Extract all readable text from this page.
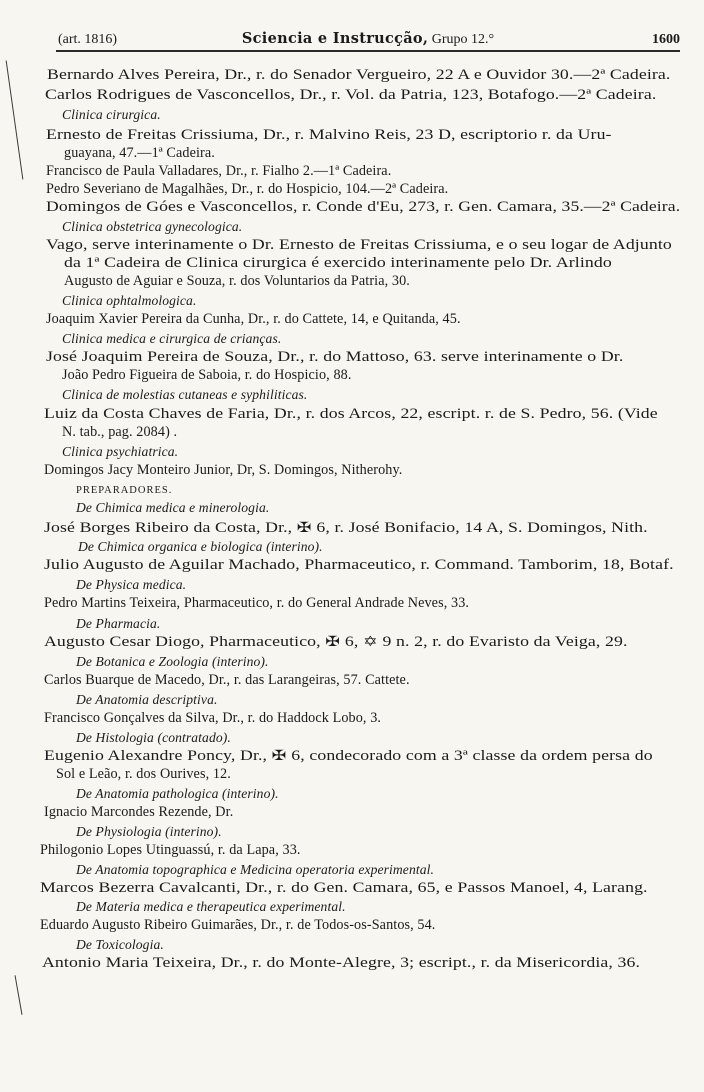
(art. 1816)	Sciencia e Instrucção, Grupo 12.°	1600
Bernardo Alves Pereira, Dr., r. do Senador Vergueiro, 22 A e Ouvidor 30.—2ª Cadeira.
Carlos Rodrigues de Vasconcellos, Dr., r. Vol. da Patria, 123, Botafogo.—2ª Cadeira.
Clinica cirurgica.
Ernesto de Freitas Crissiuma, Dr., r. Malvino Reis, 23 D, escriptorio r. da Uru-
guayana, 47.—1ª Cadeira.
Francisco de Paula Valladares, Dr., r. Fialho 2.—1ª Cadeira.
Pedro Severiano de Magalhães, Dr., r. do Hospicio, 104.—2ª Cadeira.
Domingos de Góes e Vasconcellos, r. Conde d'Eu, 273, r. Gen. Camara, 35.—2ª Cadeira.
Clinica obstetrica gynecologica.
Vago, serve interinamente o Dr. Ernesto de Freitas Crissiuma, e o seu logar de Adjunto
da 1ª Cadeira de Clinica cirurgica é exercido interinamente pelo Dr. Arlindo
Augusto de Aguiar e Souza, r. dos Voluntarios da Patria, 30.
Clinica ophtalmologica.
Joaquim Xavier Pereira da Cunha, Dr., r. do Cattete, 14, e Quitanda, 45.
Clinica medica e cirurgica de crianças.
José Joaquim Pereira de Souza, Dr., r. do Mattoso, 63. serve interinamente o Dr.
João Pedro Figueira de Saboia, r. do Hospicio, 88.
Clinica de molestias cutaneas e syphiliticas.
Luiz da Costa Chaves de Faria, Dr., r. dos Arcos, 22, escript. r. de S. Pedro, 56. (Vide
N. tab., pag. 2084) .
Clinica psychiatrica.
Domingos Jacy Monteiro Junior, Dr, S. Domingos, Nitherohy.
PREPARADORES.
De Chimica medica e minerologia.
José Borges Ribeiro da Costa, Dr., ✠ 6, r. José Bonifacio, 14 A, S. Domingos, Nith.
De Chimica organica e biologica (interino).
Julio Augusto de Aguilar Machado, Pharmaceutico, r. Command. Tamborim, 18, Botaf.
De Physica medica.
Pedro Martins Teixeira, Pharmaceutico, r. do General Andrade Neves, 33.
De Pharmacia.
Augusto Cesar Diogo, Pharmaceutico, ✠ 6, ✡ 9 n. 2, r. do Evaristo da Veiga, 29.
De Botanica e Zoologia (interino).
Carlos Buarque de Macedo, Dr., r. das Larangeiras, 57. Cattete.
De Anatomia descriptiva.
Francisco Gonçalves da Silva, Dr., r. do Haddock Lobo, 3.
De Histologia (contratado).
Eugenio Alexandre Poncy, Dr., ✠ 6, condecorado com a 3ª classe da ordem persa do
Sol e Leão, r. dos Ourives, 12.
De Anatomia pathologica (interino).
Ignacio Marcondes Rezende, Dr.
De Physiologia (interino).
Philogonio Lopes Utinguassú, r. da Lapa, 33.
De Anatomia topographica e Medicina operatoria experimental.
Marcos Bezerra Cavalcanti, Dr., r. do Gen. Camara, 65, e Passos Manoel, 4, Larang.
De Materia medica e therapeutica experimental.
Eduardo Augusto Ribeiro Guimarães, Dr., r. de Todos-os-Santos, 54.
De Toxicologia.
Antonio Maria Teixeira, Dr., r. do Monte-Alegre, 3; escript., r. da Misericordia, 36.
